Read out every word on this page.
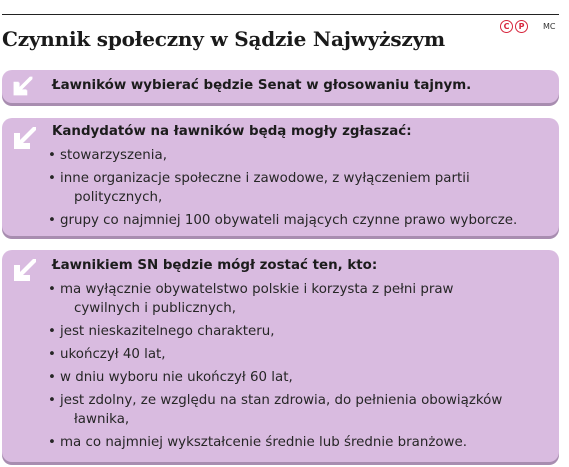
Czynnik społeczny w Sądzie Najwyższym
C	P	MC
Ławników wybierać będzie Senat w głosowaniu tajnym.
Kandydatów na ławników będą mogły zgłaszać:
• stowarzyszenia,
• inne organizacje społeczne i zawodowe, z wyłączeniem partii
politycznych,
• grupy co najmniej 100 obywateli mających czynne prawo wyborcze.
Ławnikiem SN będzie mógł zostać ten, kto:
• ma wyłącznie obywatelstwo polskie i korzysta z pełni praw
cywilnych i publicznych,
• jest nieskazitelnego charakteru,
• ukończył 40 lat,
• w dniu wyboru nie ukończył 60 lat,
• jest zdolny, ze względu na stan zdrowia, do pełnienia obowiązków
ławnika,
• ma co najmniej wykształcenie średnie lub średnie branżowe.
